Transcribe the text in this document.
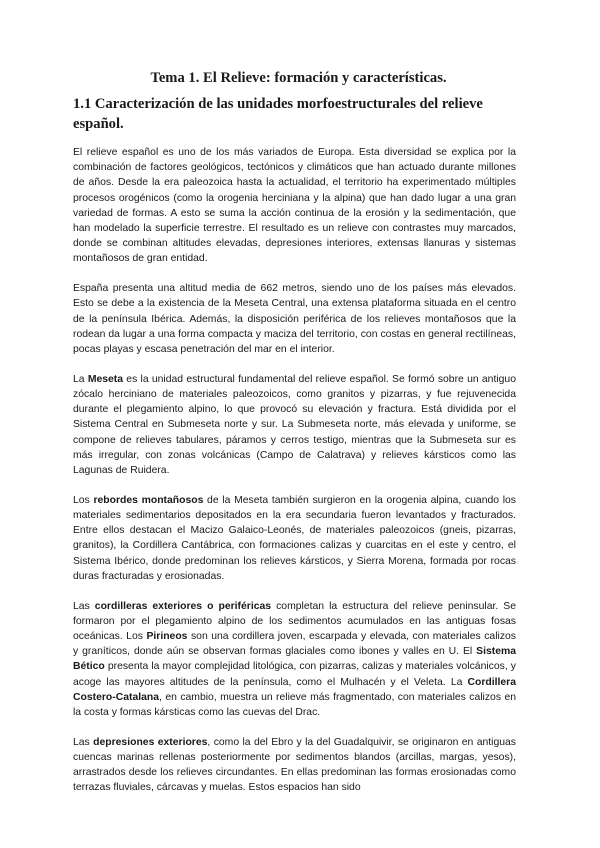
Tema 1. El Relieve: formación y características.
1.1 Caracterización de las unidades morfoestructurales del relieve español.

El relieve español es uno de los más variados de Europa. Esta diversidad se explica por la combinación de factores geológicos, tectónicos y climáticos que han actuado durante millones de años. Desde la era paleozoica hasta la actualidad, el territorio ha experimentado múltiples procesos orogénicos (como la orogenia herciniana y la alpina) que han dado lugar a una gran variedad de formas. A esto se suma la acción continua de la erosión y la sedimentación, que han modelado la superficie terrestre. El resultado es un relieve con contrastes muy marcados, donde se combinan altitudes elevadas, depresiones interiores, extensas llanuras y sistemas montañosos de gran entidad.

España presenta una altitud media de 662 metros, siendo uno de los países más elevados. Esto se debe a la existencia de la Meseta Central, una extensa plataforma situada en el centro de la península Ibérica. Además, la disposición periférica de los relieves montañosos que la rodean da lugar a una forma compacta y maciza del territorio, con costas en general rectilíneas, pocas playas y escasa penetración del mar en el interior.

La Meseta es la unidad estructural fundamental del relieve español. Se formó sobre un antiguo zócalo herciniano de materiales paleozoicos, como granitos y pizarras, y fue rejuvenecida durante el plegamiento alpino, lo que provocó su elevación y fractura. Está dividida por el Sistema Central en Submeseta norte y sur. La Submeseta norte, más elevada y uniforme, se compone de relieves tabulares, páramos y cerros testigo, mientras que la Submeseta sur es más irregular, con zonas volcánicas (Campo de Calatrava) y relieves kársticos como las Lagunas de Ruidera.

Los rebordes montañosos de la Meseta también surgieron en la orogenia alpina, cuando los materiales sedimentarios depositados en la era secundaria fueron levantados y fracturados. Entre ellos destacan el Macizo Galaico-Leonés, de materiales paleozoicos (gneis, pizarras, granitos), la Cordillera Cantábrica, con formaciones calizas y cuarcitas en el este y centro, el Sistema Ibérico, donde predominan los relieves kársticos, y Sierra Morena, formada por rocas duras fracturadas y erosionadas.

Las cordilleras exteriores o periféricas completan la estructura del relieve peninsular. Se formaron por el plegamiento alpino de los sedimentos acumulados en las antiguas fosas oceánicas. Los Pirineos son una cordillera joven, escarpada y elevada, con materiales calizos y graníticos, donde aún se observan formas glaciales como ibones y valles en U. El Sistema Bético presenta la mayor complejidad litológica, con pizarras, calizas y materiales volcánicos, y acoge las mayores altitudes de la península, como el Mulhacén y el Veleta. La Cordillera Costero-Catalana, en cambio, muestra un relieve más fragmentado, con materiales calizos en la costa y formas kársticas como las cuevas del Drac.

Las depresiones exteriores, como la del Ebro y la del Guadalquivir, se originaron en antiguas cuencas marinas rellenas posteriormente por sedimentos blandos (arcillas, margas, yesos), arrastrados desde los relieves circundantes. En ellas predominan las formas erosionadas como terrazas fluviales, cárcavas y muelas. Estos espacios han sido
